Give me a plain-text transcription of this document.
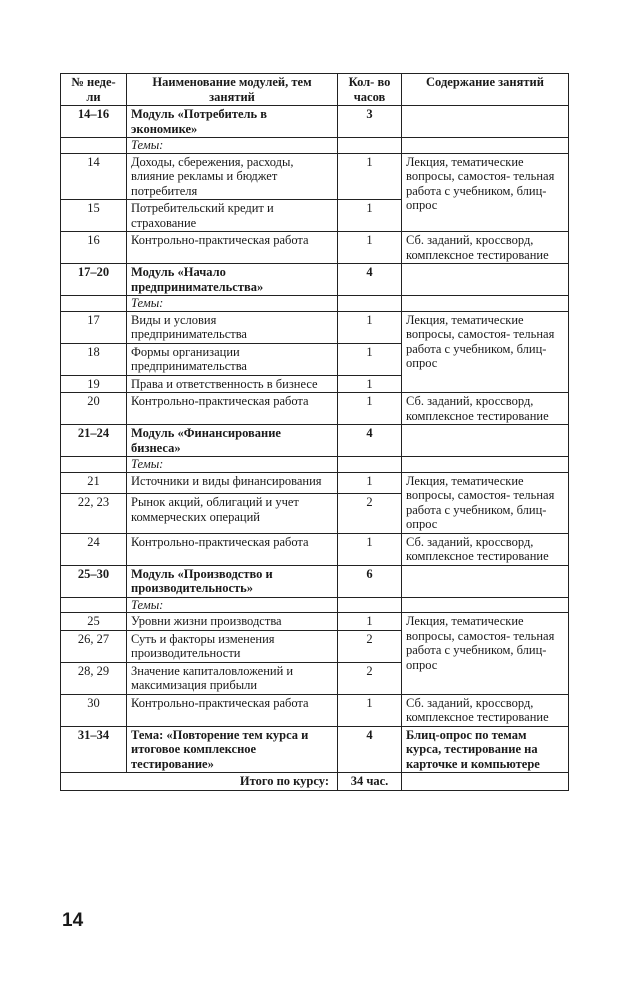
№ неде- ли	Наименование модулей, тем занятий	Кол- во часов	Содержание занятий
14–16	Модуль «Потребитель в экономике»	3	
	Темы:		
14	Доходы, сбережения, расходы, влияние рекламы и бюджет потребителя	1	Лекция, тематические вопросы, самостоя- тельная работа с учебником, блиц- опрос
15	Потребительский кредит и страхование	1	
16	Контрольно-практическая работа	1	Сб. заданий, кроссворд, комплексное тестирование
17–20	Модуль «Начало предпринимательства»	4	
	Темы:		
17	Виды и условия предпринимательства	1	Лекция, тематические вопросы, самостоя- тельная работа с учебником, блиц- опрос
18	Формы организации предпринимательства	1	
19	Права и ответственность в бизнесе	1	
20	Контрольно-практическая работа	1	Сб. заданий, кроссворд, комплексное тестирование
21–24	Модуль «Финансирование бизнеса»	4	
	Темы:		
21	Источники и виды финансирования	1	Лекция, тематические вопросы, самостоя- тельная работа с учебником, блиц- опрос
22, 23	Рынок акций, облигаций и учет коммерческих операций	2	
24	Контрольно-практическая работа	1	Сб. заданий, кроссворд, комплексное тестирование
25–30	Модуль «Производство и производительность»	6	
	Темы:		
25	Уровни жизни производства	1	Лекция, тематические вопросы, самостоя- тельная работа с учебником, блиц- опрос
26, 27	Суть и факторы изменения производительности	2	
28, 29	Значение капиталовложений и максимизация прибыли	2	
30	Контрольно-практическая работа	1	Сб. заданий, кроссворд, комплексное тестирование
31–34	Тема: «Повторение тем курса и итоговое комплексное тестирование»	4	Блиц-опрос по темам курса, тестирование на карточке и компьютере
Итого по курсу:		34 час.	
14
